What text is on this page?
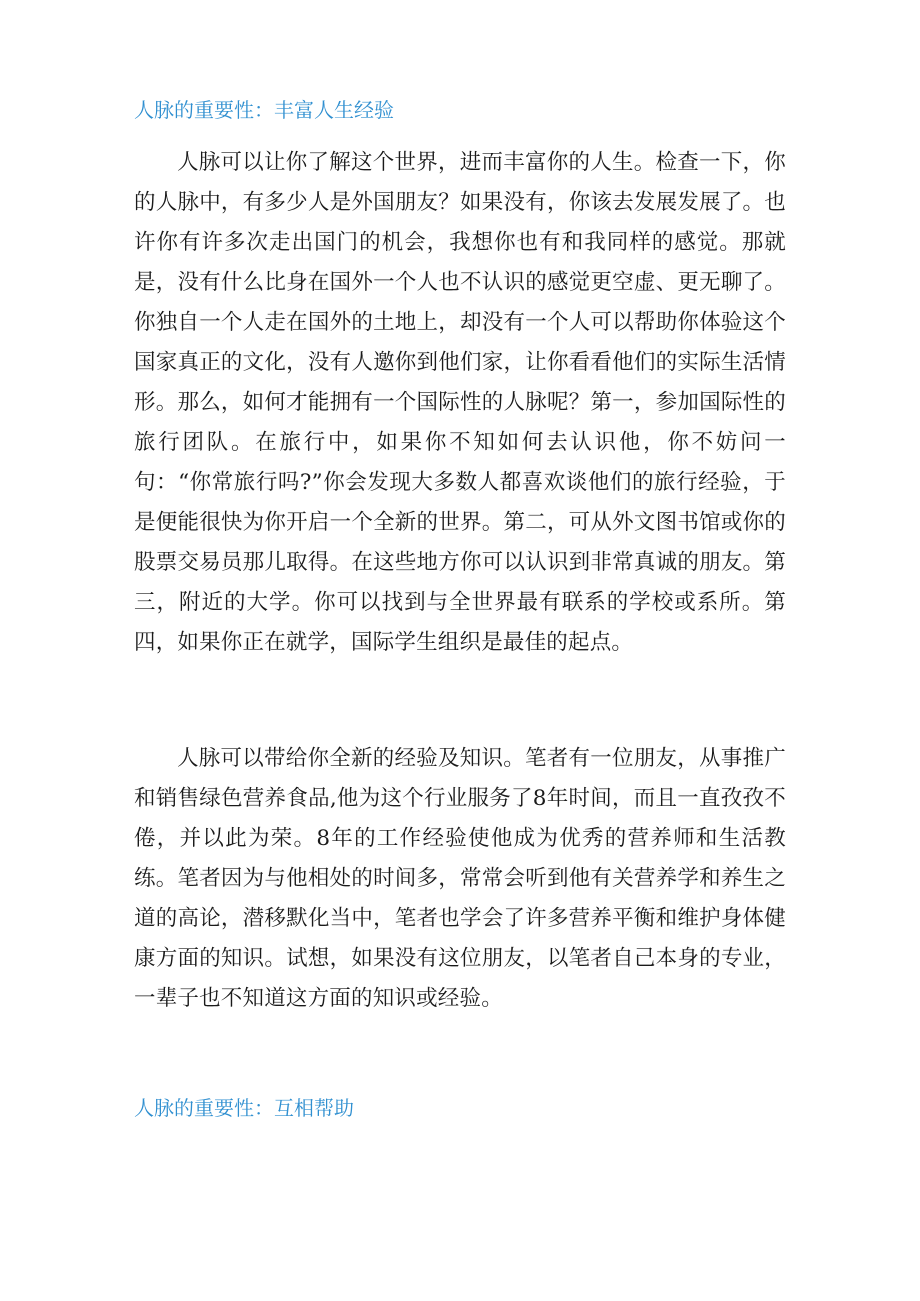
人脉的重要性：丰富人生经验

人脉可以让你了解这个世界，进而丰富你的人生。检查一下，你的人脉中，有多少人是外国朋友？如果没有，你该去发展发展了。也许你有许多次走出国门的机会，我想你也有和我同样的感觉。那就是，没有什么比身在国外一个人也不认识的感觉更空虚、更无聊了。你独自一个人走在国外的土地上，却没有一个人可以帮助你体验这个国家真正的文化，没有人邀你到他们家，让你看看他们的实际生活情形。那么，如何才能拥有一个国际性的人脉呢？第一，参加国际性的旅行团队。在旅行中，如果你不知如何去认识他，你不妨问一句：“你常旅行吗?”你会发现大多数人都喜欢谈他们的旅行经验，于是便能很快为你开启一个全新的世界。第二，可从外文图书馆或你的股票交易员那儿取得。在这些地方你可以认识到非常真诚的朋友。第三，附近的大学。你可以找到与全世界最有联系的学校或系所。第四，如果你正在就学，国际学生组织是最佳的起点。

人脉可以带给你全新的经验及知识。笔者有一位朋友，从事推广和销售绿色营养食品,他为这个行业服务了8年时间，而且一直孜孜不倦，并以此为荣。8年的工作经验使他成为优秀的营养师和生活教练。笔者因为与他相处的时间多，常常会听到他有关营养学和养生之道的高论，潜移默化当中，笔者也学会了许多营养平衡和维护身体健康方面的知识。试想，如果没有这位朋友，以笔者自己本身的专业，一辈子也不知道这方面的知识或经验。

人脉的重要性：互相帮助
